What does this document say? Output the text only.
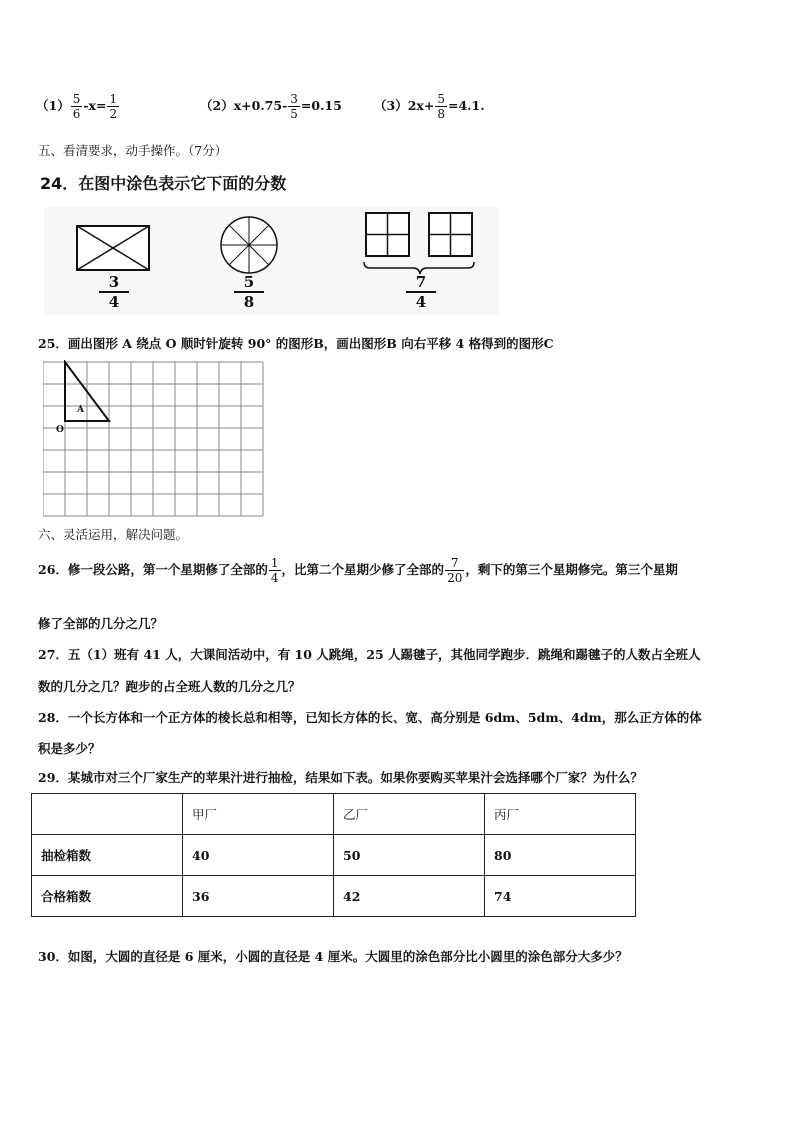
$(1) \frac{5}{6} -x= \frac{1}{2}$	$(2)x+0.75- \frac{3}{5} =0.15$	$(3)2x+ \frac{5}{8} =4.1$.
五、看清要求，动手操作。（7分）
24．在图中涂色表示它下面的分数
$\frac{3}{4}$	$\frac{5}{8}$	$\frac{7}{4}$
25．画出图形 A 绕点 O 顺时针旋转 90° 的图形B，画出图形B 向右平移 4 格得到的图形C
A
O
六、灵活运用，解决问题。
26．修一段公路，第一个星期修了全部的 $\frac{1}{4}$ ，比第二个星期少修了全部的 $\frac{7}{20}$ ，剩下的第三个星期修完。第三个星期
修了全部的几分之几？
27．五（1）班有 41 人，大课间活动中，有 10 人跳绳，25 人踢毽子，其他同学跑步．跳绳和踢毽子的人数占全班人
数的几分之几？跑步的占全班人数的几分之几？
28．一个长方体和一个正方体的棱长总和相等，已知长方体的长、宽、高分别是 6dm、5dm、4dm，那么正方体的体
积是多少？
29．某城市对三个厂家生产的苹果汁进行抽检，结果如下表。如果你要购买苹果汁会选择哪个厂家？为什么？
	甲厂	乙厂	丙厂
抽检箱数	40	50	80
合格箱数	36	42	74
30．如图，大圆的直径是 6 厘米，小圆的直径是 4 厘米。大圆里的涂色部分比小圆里的涂色部分大多少？
